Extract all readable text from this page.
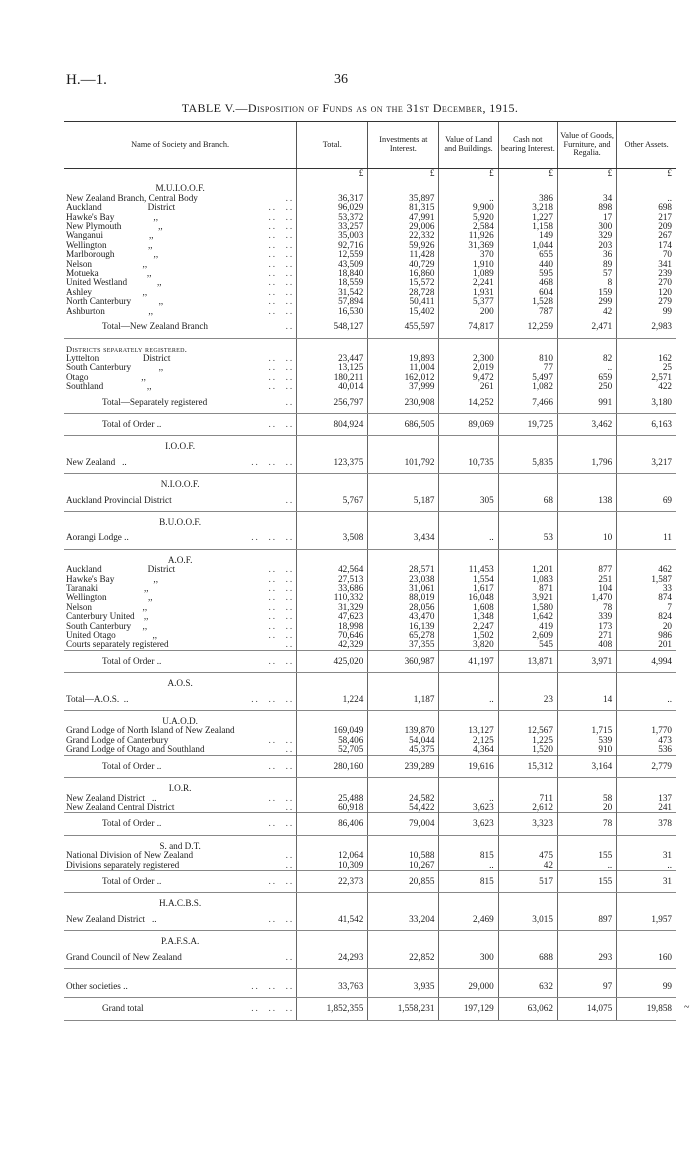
H.—1.	36
TABLE V.—Disposition of Funds as on the 31st December, 1915.
Name of Society and Branch.	Total.	Investments at Interest.	Value of Land and Buildings.	Cash not bearing Interest.	Value of Goods, Furniture, and Regalia.	Other Assets.
	£	£	£	£	£	£
M.U.I.O.O.F.						

New Zealand Branch, Central Body ..	36,317	35,897	..	386	34	..

Auckland                    District ..  ..	96,029	81,315	9,900	3,218	898	698

Hawke's Bay                 ,, ..  ..	53,372	47,991	5,920	1,227	17	217

New Plymouth                ,, ..  ..	33,257	29,006	2,584	1,158	300	209

Wanganui                    ,, ..  ..	35,003	22,332	11,926	149	329	267

Wellington                  ,, ..  ..	92,716	59,926	31,369	1,044	203	174

Marlborough                 ,, ..  ..	12,559	11,428	370	655	36	70

Nelson                      ,, ..  ..	43,509	40,729	1,910	440	89	341

Motueka                     ,, ..  ..	18,840	16,860	1,089	595	57	239

United Westland             ,, ..  ..	18,559	15,572	2,241	468	8	270

Ashley                      ,, ..  ..	31,542	28,728	1,931	604	159	120

North Canterbury            ,, ..  ..	57,894	50,411	5,377	1,528	299	279

Ashburton                   ,, ..  ..	16,530	15,402	200	787	42	99

Total—New Zealand Branch ..	548,127	455,597	74,817	12,259	2,471	2,983
Districts separately registered.						

Lyttelton                   District ..  ..	23,447	19,893	2,300	810	82	162

South Canterbury            ,, ..  ..	13,125	11,004	2,019	77	..	25

Otago                       ,, ..  ..	180,211	162,012	9,472	5,497	659	2,571

Southland                   ,, ..  ..	40,014	37,999	261	1,082	250	422

Total—Separately registered ..	256,797	230,908	14,252	7,466	991	3,180

Total of Order .. ..  ..	804,924	686,505	89,069	19,725	3,462	6,163
I.O.O.F.						

New Zealand   .. ..  ..  ..	123,375	101,792	10,735	5,835	1,796	3,217
N.I.O.O.F.						

Auckland Provincial District ..	5,767	5,187	305	68	138	69
B.U.O.O.F.						

Aorangi Lodge .. ..  ..  ..	3,508	3,434	..	53	10	11
A.O.F.						

Auckland                    District ..  ..	42,564	28,571	11,453	1,201	877	462

Hawke's Bay                 ,, ..  ..	27,513	23,038	1,554	1,083	251	1,587

Taranaki                    ,, ..  ..	33,686	31,061	1,617	871	104	33

Wellington                  ,, ..  ..	110,332	88,019	16,048	3,921	1,470	874

Nelson                      ,, ..  ..	31,329	28,056	1,608	1,580	78	7

Canterbury United    ,, ..  ..	47,623	43,470	1,348	1,642	339	824

South Canterbury     ,, ..  ..	18,998	16,139	2,247	419	173	20

United Otago                ,, ..  ..	70,646	65,278	1,502	2,609	271	986

Courts separately registered ..	42,329	37,355	3,820	545	408	201

Total of Order .. ..  ..	425,020	360,987	41,197	13,871	3,971	4,994
A.O.S.						

Total—A.O.S.  .. ..  ..  ..	1,224	1,187	..	23	14	..
U.A.O.D.						

Grand Lodge of North Island of New Zealand	169,049	139,870	13,127	12,567	1,715	1,770

Grand Lodge of Canterbury ..  ..	58,406	54,044	2,125	1,225	539	473

Grand Lodge of Otago and Southland ..	52,705	45,375	4,364	1,520	910	536

Total of Order .. ..  ..	280,160	239,289	19,616	15,312	3,164	2,779
I.O.R.						

New Zealand District   .. ..  ..	25,488	24,582	..	711	58	137

New Zealand Central District ..	60,918	54,422	3,623	2,612	20	241

Total of Order .. ..  ..	86,406	79,004	3,623	3,323	78	378
S. and D.T.						

National Division of New Zealand ..	12,064	10,588	815	475	155	31

Divisions separately registered ..	10,309	10,267	..	42	..	..

Total of Order .. ..  ..	22,373	20,855	815	517	155	31
H.A.C.B.S.						

New Zealand District   .. ..  ..	41,542	33,204	2,469	3,015	897	1,957
P.A.F.S.A.						

Grand Council of New Zealand ..	24,293	22,852	300	688	293	160

Other societies .. ..  ..  ..	33,763	3,935	29,000	632	97	99

Grand total ..  ..  ..	1,852,355	1,558,231	197,129	63,062	14,075	19,858 ~
